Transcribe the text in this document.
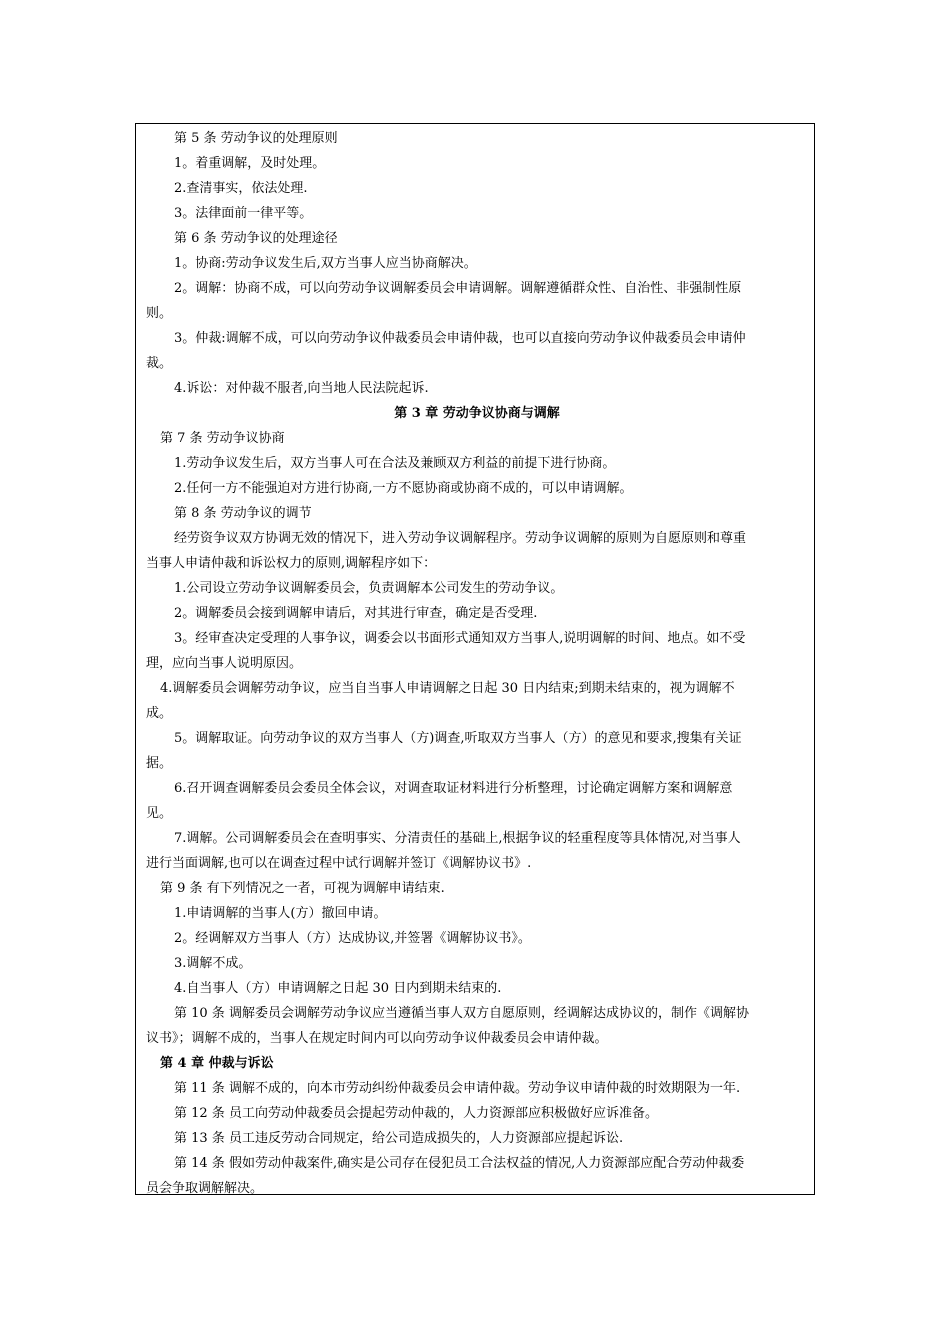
第 5 条 劳动争议的处理原则
1。着重调解，及时处理。
2.查清事实，依法处理.
3。法律面前一律平等。
第 6 条 劳动争议的处理途径
1。协商:劳动争议发生后,双方当事人应当协商解决。
2。调解：协商不成，可以向劳动争议调解委员会申请调解。调解遵循群众性、自治性、非强制性原
则。
3。仲裁:调解不成，可以向劳动争议仲裁委员会申请仲裁，也可以直接向劳动争议仲裁委员会申请仲
裁。
4.诉讼：对仲裁不服者,向当地人民法院起诉.
第 3 章 劳动争议协商与调解
第 7 条 劳动争议协商
1.劳动争议发生后，双方当事人可在合法及兼顾双方利益的前提下进行协商。
2.任何一方不能强迫对方进行协商,一方不愿协商或协商不成的，可以申请调解。
第 8 条 劳动争议的调节
经劳资争议双方协调无效的情况下，进入劳动争议调解程序。劳动争议调解的原则为自愿原则和尊重
当事人申请仲裁和诉讼权力的原则,调解程序如下：
1.公司设立劳动争议调解委员会，负责调解本公司发生的劳动争议。
2。调解委员会接到调解申请后，对其进行审查，确定是否受理.
3。经审查决定受理的人事争议，调委会以书面形式通知双方当事人,说明调解的时间、地点。如不受
理，应向当事人说明原因。
4.调解委员会调解劳动争议，应当自当事人申请调解之日起 30 日内结束;到期未结束的，视为调解不
成。
5。调解取证。向劳动争议的双方当事人（方)调查,听取双方当事人（方）的意见和要求,搜集有关证
据。
6.召开调查调解委员会委员全体会议，对调查取证材料进行分析整理，讨论确定调解方案和调解意
见。
7.调解。公司调解委员会在查明事实、分清责任的基础上,根据争议的轻重程度等具体情况,对当事人
进行当面调解,也可以在调查过程中试行调解并签订《调解协议书》.
第 9 条 有下列情况之一者，可视为调解申请结束.
1.申请调解的当事人(方）撤回申请。
2。经调解双方当事人（方）达成协议,并签署《调解协议书》。
3.调解不成。
4.自当事人（方）申请调解之日起 30 日内到期未结束的.
第 10 条 调解委员会调解劳动争议应当遵循当事人双方自愿原则，经调解达成协议的，制作《调解协
议书》；调解不成的，当事人在规定时间内可以向劳动争议仲裁委员会申请仲裁。
第 4 章 仲裁与诉讼
第 11 条 调解不成的，向本市劳动纠纷仲裁委员会申请仲裁。劳动争议申请仲裁的时效期限为一年.
第 12 条 员工向劳动仲裁委员会提起劳动仲裁的，人力资源部应积极做好应诉准备。
第 13 条 员工违反劳动合同规定，给公司造成损失的，人力资源部应提起诉讼.
第 14 条 假如劳动仲裁案件,确实是公司存在侵犯员工合法权益的情况,人力资源部应配合劳动仲裁委
员会争取调解解决。
